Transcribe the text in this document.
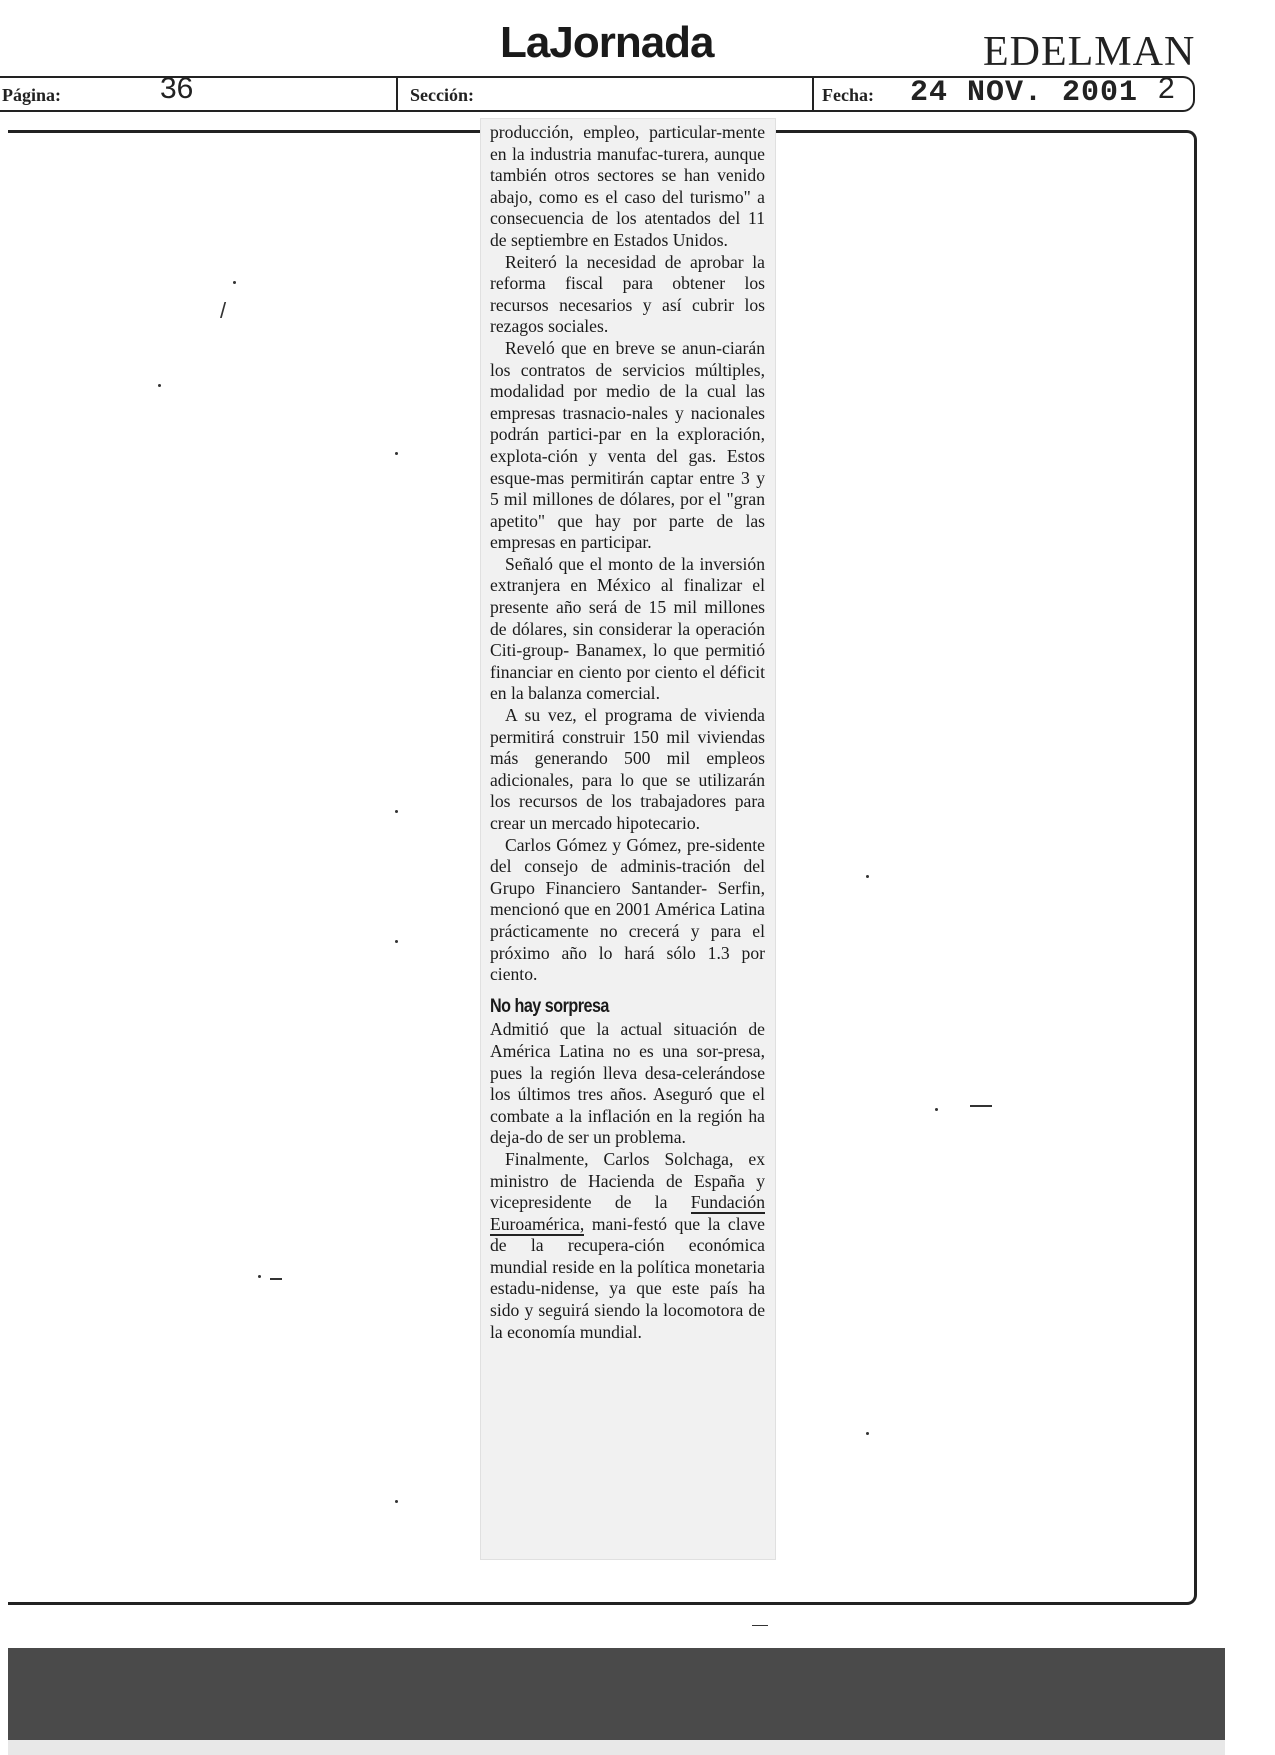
LaJornada	EDELMAN
Página:	36	Sección:	Fecha: 24 NOV. 2001 2

producción, empleo, particular-mente en la industria manufac-turera, aunque también otros sectores se han venido abajo, como es el caso del turismo" a consecuencia de los atentados del 11 de septiembre en Estados Unidos.

Reiteró la necesidad de aprobar la reforma fiscal para obtener los recursos necesarios y así cubrir los rezagos sociales.

Reveló que en breve se anun-ciarán los contratos de servicios múltiples, modalidad por medio de la cual las empresas trasnacio-nales y nacionales podrán partici-par en la exploración, explota-ción y venta del gas. Estos esque-mas permitirán captar entre 3 y 5 mil millones de dólares, por el "gran apetito" que hay por parte de las empresas en participar.

Señaló que el monto de la inversión extranjera en México al finalizar el presente año será de 15 mil millones de dólares, sin considerar la operación Citi-group- Banamex, lo que permitió financiar en ciento por ciento el déficit en la balanza comercial.

A su vez, el programa de vivienda permitirá construir 150 mil viviendas más generando 500 mil empleos adicionales, para lo que se utilizarán los recursos de los trabajadores para crear un mercado hipotecario.

Carlos Gómez y Gómez, pre-sidente del consejo de adminis-tración del Grupo Financiero Santander- Serfin, mencionó que en 2001 América Latina prácticamente no crecerá y para el próximo año lo hará sólo 1.3 por ciento.

No hay sorpresa

Admitió que la actual situación de América Latina no es una sor-presa, pues la región lleva desa-celerándose los últimos tres años. Aseguró que el combate a la inflación en la región ha deja-do de ser un problema.

Finalmente, Carlos Solchaga, ex ministro de Hacienda de España y vicepresidente de la Fundación Euroamérica, mani-festó que la clave de la recupera-ción económica mundial reside en la política monetaria estadu-nidense, ya que este país ha sido y seguirá siendo la locomotora de la economía mundial.

/
